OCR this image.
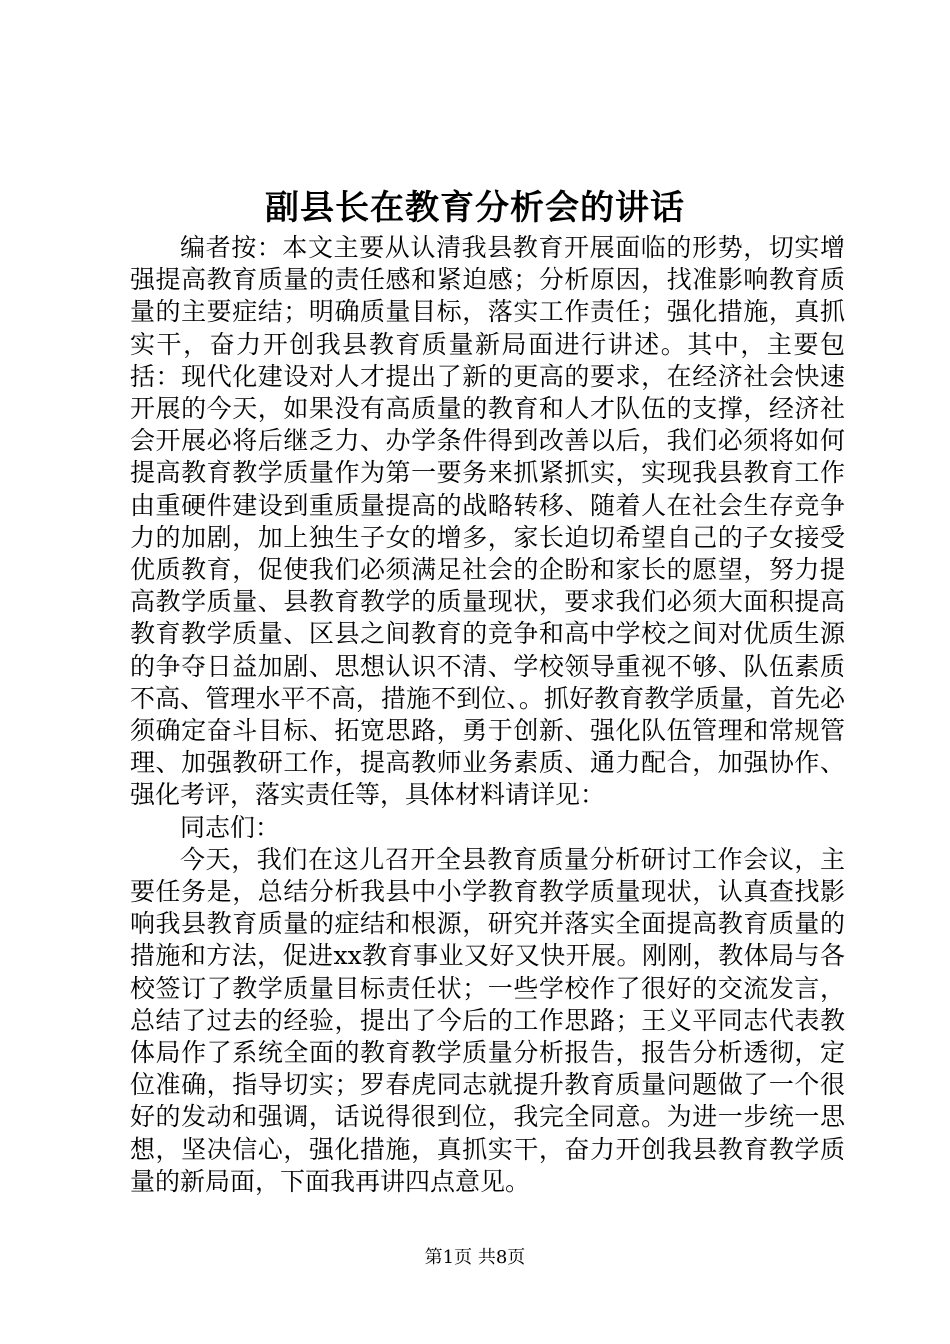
副县长在教育分析会的讲话

编者按：本文主要从认清我县教育开展面临的形势，切实增强提高教育质量的责任感和紧迫感；分析原因，找准影响教育质量的主要症结；明确质量目标，落实工作责任；强化措施，真抓实干，奋力开创我县教育质量新局面进行讲述。其中，主要包括：现代化建设对人才提出了新的更高的要求，在经济社会快速开展的今天，如果没有高质量的教育和人才队伍的支撑，经济社会开展必将后继乏力、办学条件得到改善以后，我们必须将如何提高教育教学质量作为第一要务来抓紧抓实，实现我县教育工作由重硬件建设到重质量提高的战略转移、随着人在社会生存竞争力的加剧，加上独生子女的增多，家长迫切希望自己的子女接受优质教育，促使我们必须满足社会的企盼和家长的愿望，努力提高教学质量、县教育教学的质量现状，要求我们必须大面积提高教育教学质量、区县之间教育的竞争和高中学校之间对优质生源的争夺日益加剧、思想认识不清、学校领导重视不够、队伍素质不高、管理水平不高，措施不到位、。抓好教育教学质量，首先必须确定奋斗目标、拓宽思路，勇于创新、强化队伍管理和常规管理、加强教研工作，提高教师业务素质、通力配合，加强协作、强化考评，落实责任等，具体材料请详见：

同志们：

今天，我们在这儿召开全县教育质量分析研讨工作会议，主要任务是，总结分析我县中小学教育教学质量现状，认真查找影响我县教育质量的症结和根源，研究并落实全面提高教育质量的措施和方法，促进xx教育事业又好又快开展。刚刚，教体局与各校签订了教学质量目标责任状；一些学校作了很好的交流发言，总结了过去的经验，提出了今后的工作思路；王义平同志代表教体局作了系统全面的教育教学质量分析报告，报告分析透彻，定位准确，指导切实；罗春虎同志就提升教育质量问题做了一个很好的发动和强调，话说得很到位，我完全同意。为进一步统一思想，坚决信心，强化措施，真抓实干，奋力开创我县教育教学质量的新局面，下面我再讲四点意见。

第1页 共8页
